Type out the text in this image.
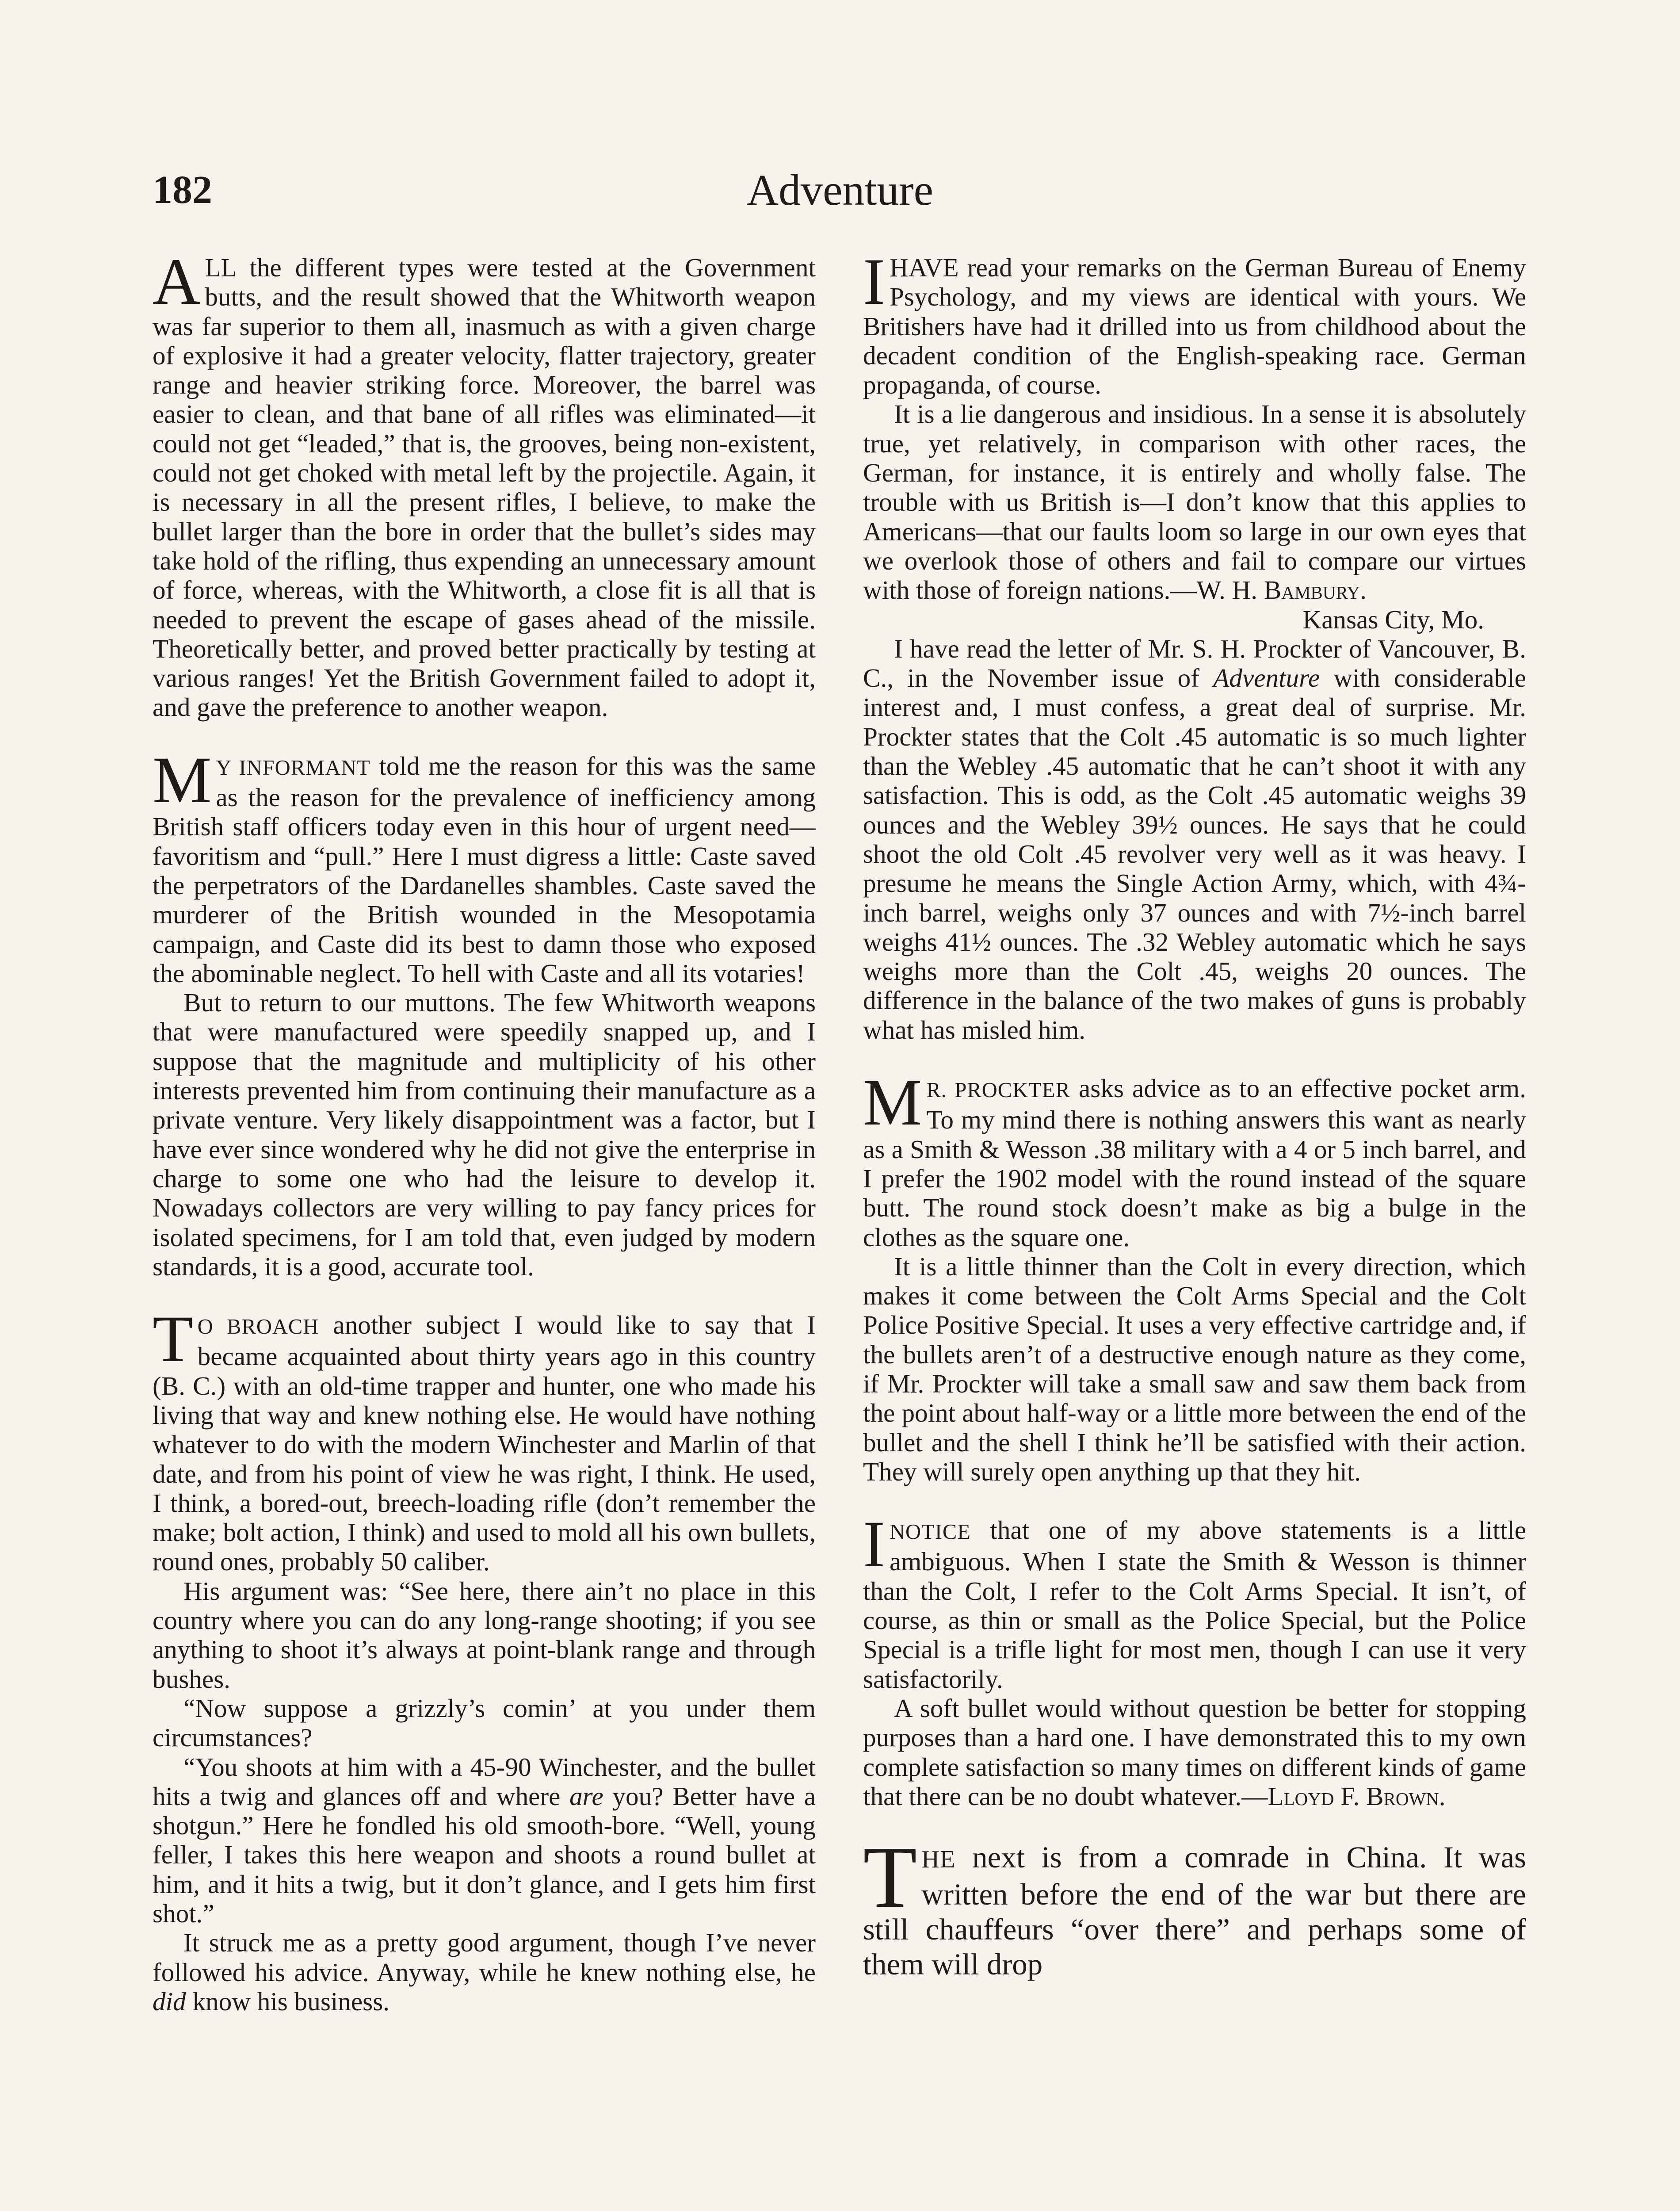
Adventure
182

ALL the different types were tested at the Government butts, and the result showed that the Whitworth weapon was far superior to them all, inasmuch as with a given charge of explosive it had a greater velocity, flatter trajectory, greater range and heavier striking force. Moreover, the barrel was easier to clean, and that bane of all rifles was eliminated—it could not get “leaded,” that is, the grooves, being non-existent, could not get choked with metal left by the projectile. Again, it is necessary in all the present rifles, I believe, to make the bullet larger than the bore in order that the bullet’s sides may take hold of the rifling, thus expending an unnecessary amount of force, whereas, with the Whitworth, a close fit is all that is needed to prevent the escape of gases ahead of the missile. Theoretically better, and proved better practically by testing at various ranges! Yet the British Government failed to adopt it, and gave the preference to another weapon.

M Y INFORMANT told me the reason for this was the same as the reason for the prevalence of inefficiency among British staff officers today even in this hour of urgent need—favoritism and “pull.” Here I must digress a little: Caste saved the perpetrators of the Dardanelles shambles. Caste saved the murderer of the British wounded in the Mesopotamia campaign, and Caste did its best to damn those who exposed the abominable neglect. To hell with Caste and all its votaries!

But to return to our muttons. The few Whitworth weapons that were manufactured were speedily snapped up, and I suppose that the magnitude and multiplicity of his other interests prevented him from continuing their manufacture as a private venture. Very likely disappointment was a factor, but I have ever since wondered why he did not give the enterprise in charge to some one who had the leisure to develop it. Nowadays collectors are very willing to pay fancy prices for isolated specimens, for I am told that, even judged by modern standards, it is a good, accurate tool.

T O BROACH another subject I would like to say that I became acquainted about thirty years ago in this country (B. C.) with an old-time trapper and hunter, one who made his living that way and knew nothing else. He would have nothing whatever to do with the modern Winchester and Marlin of that date, and from his point of view he was right, I think. He used, I think, a bored-out, breech-loading rifle (don’t remember the make; bolt action, I think) and used to mold all his own bullets, round ones, probably 50 caliber.

His argument was: “See here, there ain’t no place in this country where you can do any long-range shooting; if you see anything to shoot it’s always at point-blank range and through bushes.

“Now suppose a grizzly’s comin’ at you under them circumstances?

“You shoots at him with a 45-90 Winchester, and the bullet hits a twig and glances off and where are you? Better have a shotgun.” Here he fondled his old smooth-bore. “Well, young feller, I takes this here weapon and shoots a round bullet at him, and it hits a twig, but it don’t glance, and I gets him first shot.”

It struck me as a pretty good argument, though I’ve never followed his advice. Anyway, while he knew nothing else, he did know his business.

I HAVE read your remarks on the German Bureau of Enemy Psychology, and my views are identical with yours. We Britishers have had it drilled into us from childhood about the decadent condition of the English-speaking race. German propaganda, of course.

It is a lie dangerous and insidious. In a sense it is absolutely true, yet relatively, in comparison with other races, the German, for instance, it is entirely and wholly false. The trouble with us British is—I don’t know that this applies to Americans—that our faults loom so large in our own eyes that we overlook those of others and fail to compare our virtues with those of foreign nations.—W. H. Bambury.

Kansas City, Mo.

I have read the letter of Mr. S. H. Prockter of Vancouver, B. C., in the November issue of Adventure with considerable interest and, I must confess, a great deal of surprise. Mr. Prockter states that the Colt .45 automatic is so much lighter than the Webley .45 automatic that he can’t shoot it with any satisfaction. This is odd, as the Colt .45 automatic weighs 39 ounces and the Webley 39½ ounces. He says that he could shoot the old Colt .45 revolver very well as it was heavy. I presume he means the Single Action Army, which, with 4¾-inch barrel, weighs only 37 ounces and with 7½-inch barrel weighs 41½ ounces. The .32 Webley automatic which he says weighs more than the Colt .45, weighs 20 ounces. The difference in the balance of the two makes of guns is probably what has misled him.

M R. PROCKTER asks advice as to an effective pocket arm. To my mind there is nothing answers this want as nearly as a Smith & Wesson .38 military with a 4 or 5 inch barrel, and I prefer the 1902 model with the round instead of the square butt. The round stock doesn’t make as big a bulge in the clothes as the square one.

It is a little thinner than the Colt in every direction, which makes it come between the Colt Arms Special and the Colt Police Positive Special. It uses a very effective cartridge and, if the bullets aren’t of a destructive enough nature as they come, if Mr. Prockter will take a small saw and saw them back from the point about half-way or a little more between the end of the bullet and the shell I think he’ll be satisfied with their action. They will surely open anything up that they hit.

I NOTICE that one of my above statements is a little ambiguous. When I state the Smith & Wesson is thinner than the Colt, I refer to the Colt Arms Special. It isn’t, of course, as thin or small as the Police Special, but the Police Special is a trifle light for most men, though I can use it very satisfactorily.

A soft bullet would without question be better for stopping purposes than a hard one. I have demonstrated this to my own complete satisfaction so many times on different kinds of game that there can be no doubt whatever.—Lloyd F. Brown.

THE next is from a comrade in China. It was written before the end of the war but there are still chauffeurs “over there” and perhaps some of them will drop
